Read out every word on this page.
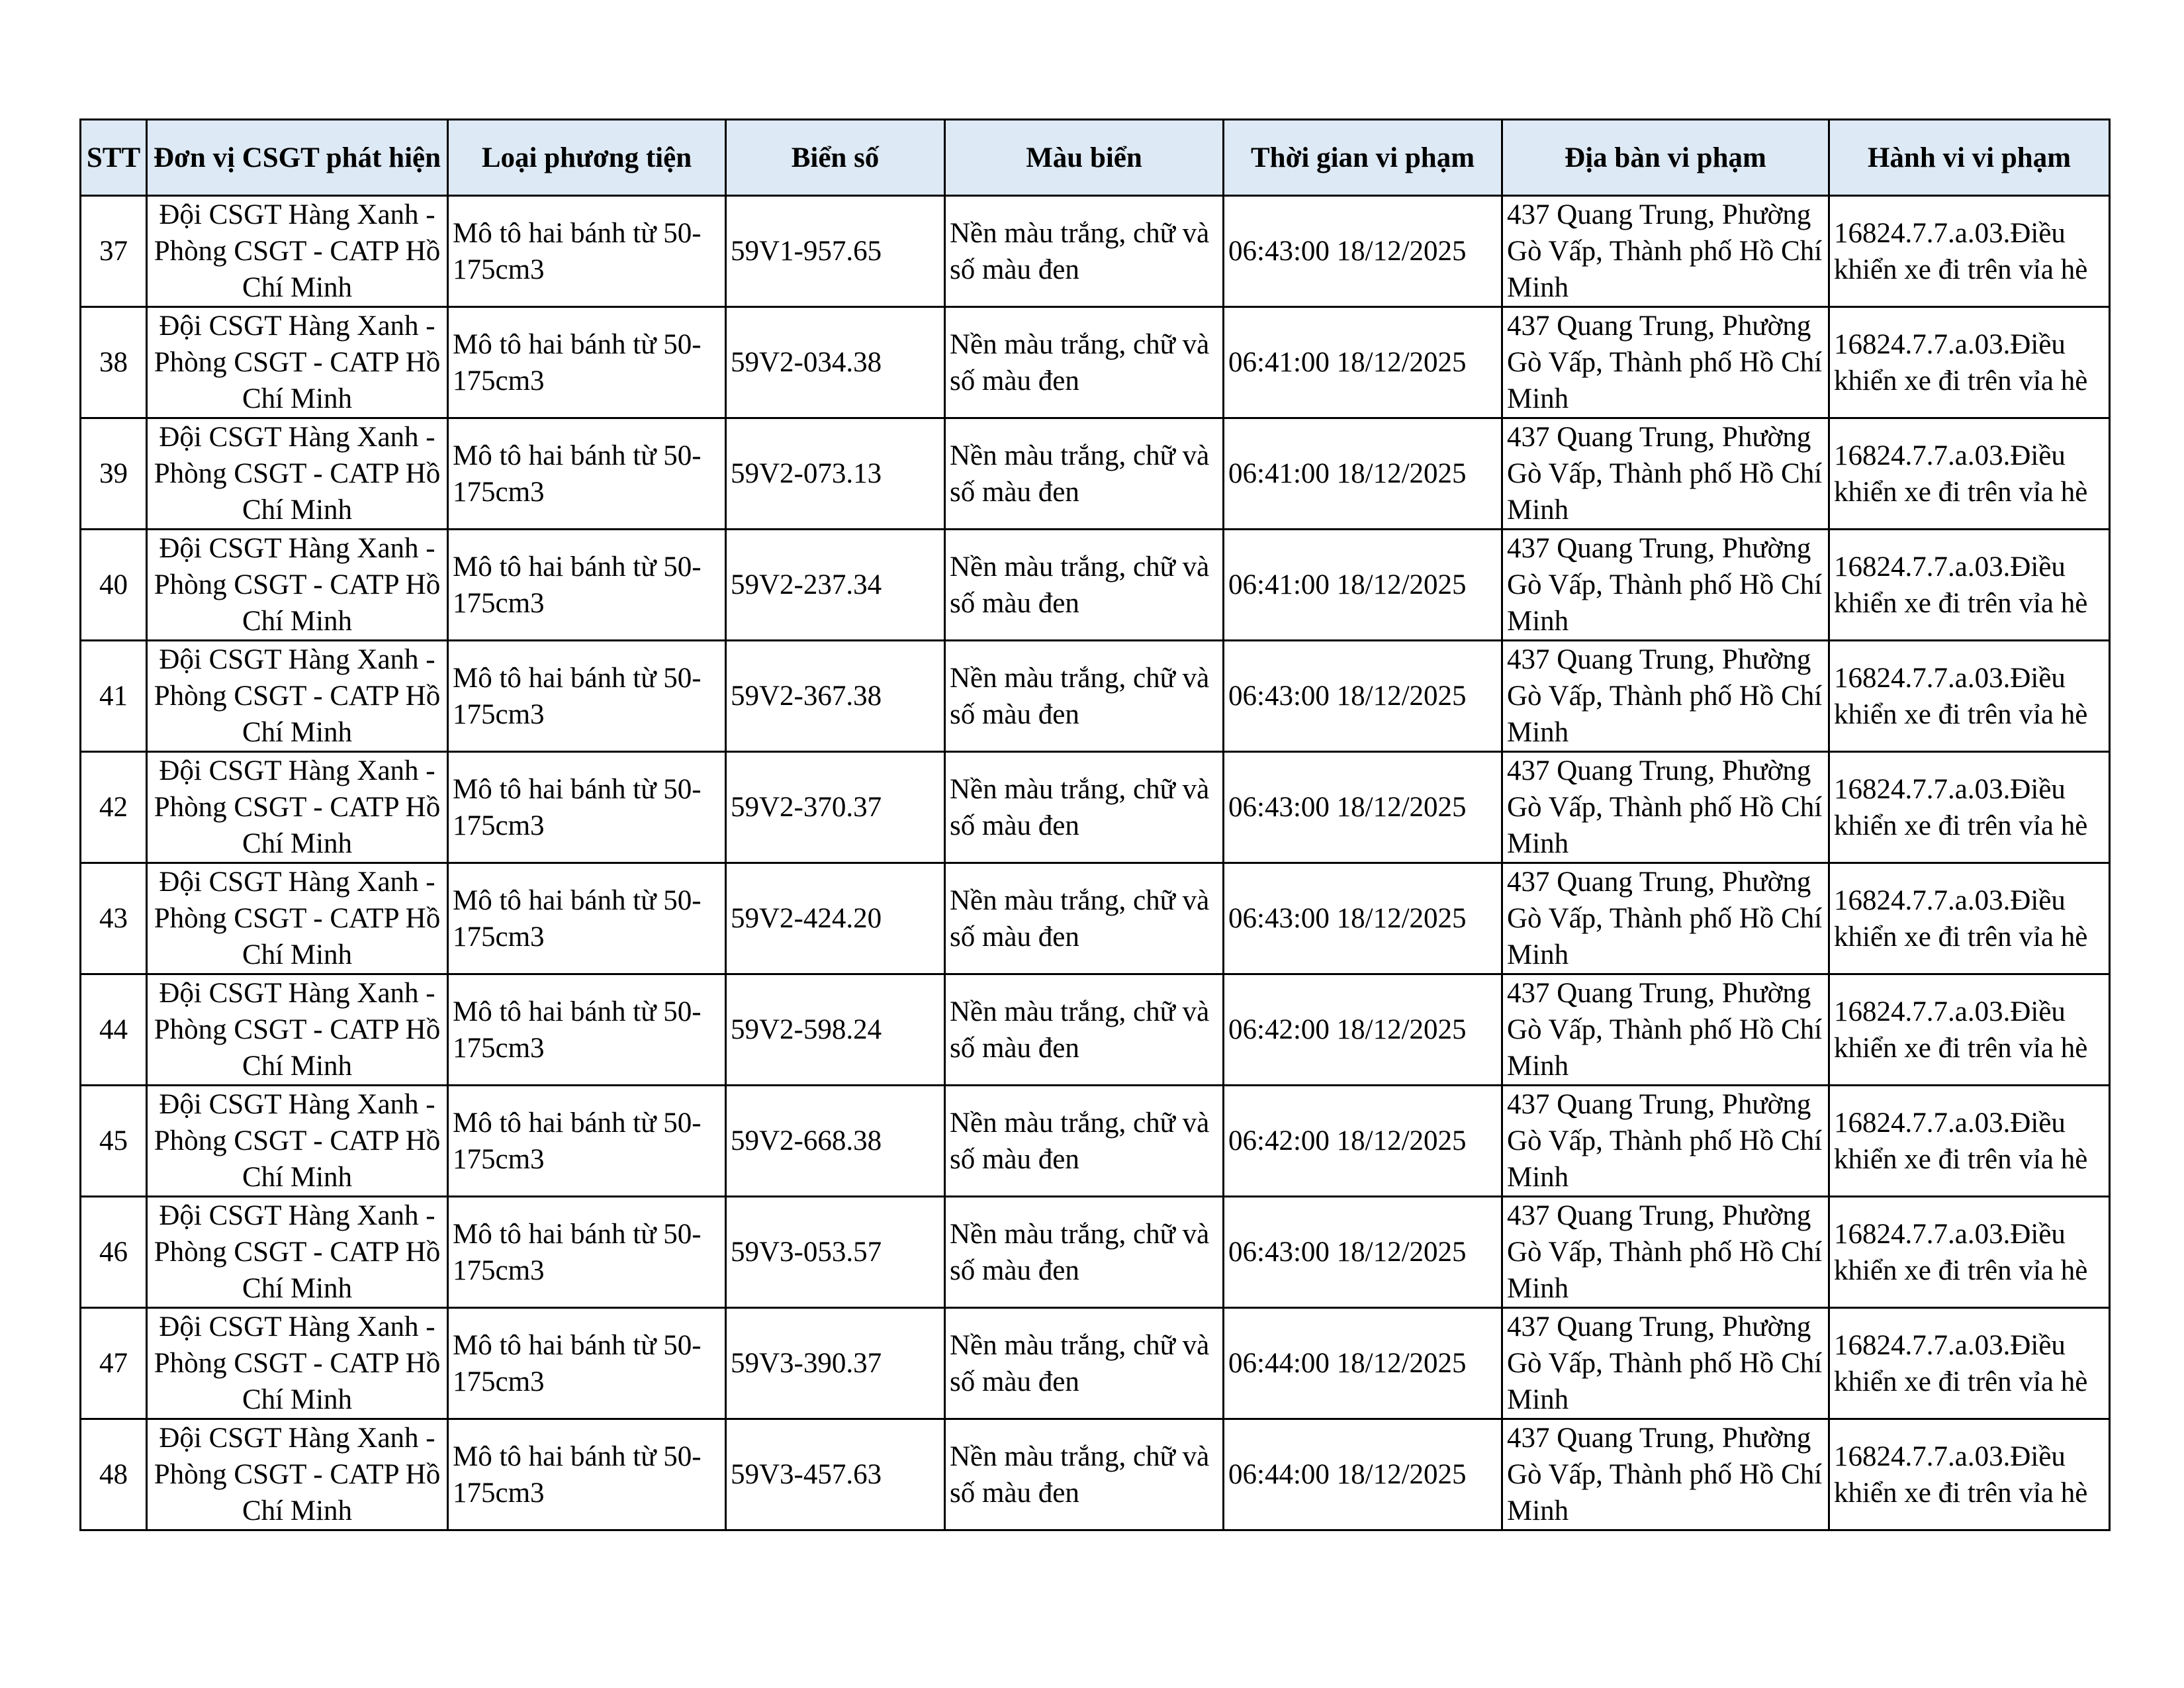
STT	Đơn vị CSGT phát hiện	Loại phương tiện	Biển số	Màu biển	Thời gian vi phạm	Địa bàn vi phạm	Hành vi vi phạm
37	Đội CSGT Hàng Xanh - Phòng CSGT - CATP Hồ Chí Minh	Mô tô hai bánh từ 50-175cm3	59V1-957.65	Nền màu trắng, chữ và số màu đen	06:43:00 18/12/2025	437 Quang Trung, Phường Gò Vấp, Thành phố Hồ Chí Minh	16824.7.7.a.03.Điều khiển xe đi trên vỉa hè
38	Đội CSGT Hàng Xanh - Phòng CSGT - CATP Hồ Chí Minh	Mô tô hai bánh từ 50-175cm3	59V2-034.38	Nền màu trắng, chữ và số màu đen	06:41:00 18/12/2025	437 Quang Trung, Phường Gò Vấp, Thành phố Hồ Chí Minh	16824.7.7.a.03.Điều khiển xe đi trên vỉa hè
39	Đội CSGT Hàng Xanh - Phòng CSGT - CATP Hồ Chí Minh	Mô tô hai bánh từ 50-175cm3	59V2-073.13	Nền màu trắng, chữ và số màu đen	06:41:00 18/12/2025	437 Quang Trung, Phường Gò Vấp, Thành phố Hồ Chí Minh	16824.7.7.a.03.Điều khiển xe đi trên vỉa hè
40	Đội CSGT Hàng Xanh - Phòng CSGT - CATP Hồ Chí Minh	Mô tô hai bánh từ 50-175cm3	59V2-237.34	Nền màu trắng, chữ và số màu đen	06:41:00 18/12/2025	437 Quang Trung, Phường Gò Vấp, Thành phố Hồ Chí Minh	16824.7.7.a.03.Điều khiển xe đi trên vỉa hè
41	Đội CSGT Hàng Xanh - Phòng CSGT - CATP Hồ Chí Minh	Mô tô hai bánh từ 50-175cm3	59V2-367.38	Nền màu trắng, chữ và số màu đen	06:43:00 18/12/2025	437 Quang Trung, Phường Gò Vấp, Thành phố Hồ Chí Minh	16824.7.7.a.03.Điều khiển xe đi trên vỉa hè
42	Đội CSGT Hàng Xanh - Phòng CSGT - CATP Hồ Chí Minh	Mô tô hai bánh từ 50-175cm3	59V2-370.37	Nền màu trắng, chữ và số màu đen	06:43:00 18/12/2025	437 Quang Trung, Phường Gò Vấp, Thành phố Hồ Chí Minh	16824.7.7.a.03.Điều khiển xe đi trên vỉa hè
43	Đội CSGT Hàng Xanh - Phòng CSGT - CATP Hồ Chí Minh	Mô tô hai bánh từ 50-175cm3	59V2-424.20	Nền màu trắng, chữ và số màu đen	06:43:00 18/12/2025	437 Quang Trung, Phường Gò Vấp, Thành phố Hồ Chí Minh	16824.7.7.a.03.Điều khiển xe đi trên vỉa hè
44	Đội CSGT Hàng Xanh - Phòng CSGT - CATP Hồ Chí Minh	Mô tô hai bánh từ 50-175cm3	59V2-598.24	Nền màu trắng, chữ và số màu đen	06:42:00 18/12/2025	437 Quang Trung, Phường Gò Vấp, Thành phố Hồ Chí Minh	16824.7.7.a.03.Điều khiển xe đi trên vỉa hè
45	Đội CSGT Hàng Xanh - Phòng CSGT - CATP Hồ Chí Minh	Mô tô hai bánh từ 50-175cm3	59V2-668.38	Nền màu trắng, chữ và số màu đen	06:42:00 18/12/2025	437 Quang Trung, Phường Gò Vấp, Thành phố Hồ Chí Minh	16824.7.7.a.03.Điều khiển xe đi trên vỉa hè
46	Đội CSGT Hàng Xanh - Phòng CSGT - CATP Hồ Chí Minh	Mô tô hai bánh từ 50-175cm3	59V3-053.57	Nền màu trắng, chữ và số màu đen	06:43:00 18/12/2025	437 Quang Trung, Phường Gò Vấp, Thành phố Hồ Chí Minh	16824.7.7.a.03.Điều khiển xe đi trên vỉa hè
47	Đội CSGT Hàng Xanh - Phòng CSGT - CATP Hồ Chí Minh	Mô tô hai bánh từ 50-175cm3	59V3-390.37	Nền màu trắng, chữ và số màu đen	06:44:00 18/12/2025	437 Quang Trung, Phường Gò Vấp, Thành phố Hồ Chí Minh	16824.7.7.a.03.Điều khiển xe đi trên vỉa hè
48	Đội CSGT Hàng Xanh - Phòng CSGT - CATP Hồ Chí Minh	Mô tô hai bánh từ 50-175cm3	59V3-457.63	Nền màu trắng, chữ và số màu đen	06:44:00 18/12/2025	437 Quang Trung, Phường Gò Vấp, Thành phố Hồ Chí Minh	16824.7.7.a.03.Điều khiển xe đi trên vỉa hè
